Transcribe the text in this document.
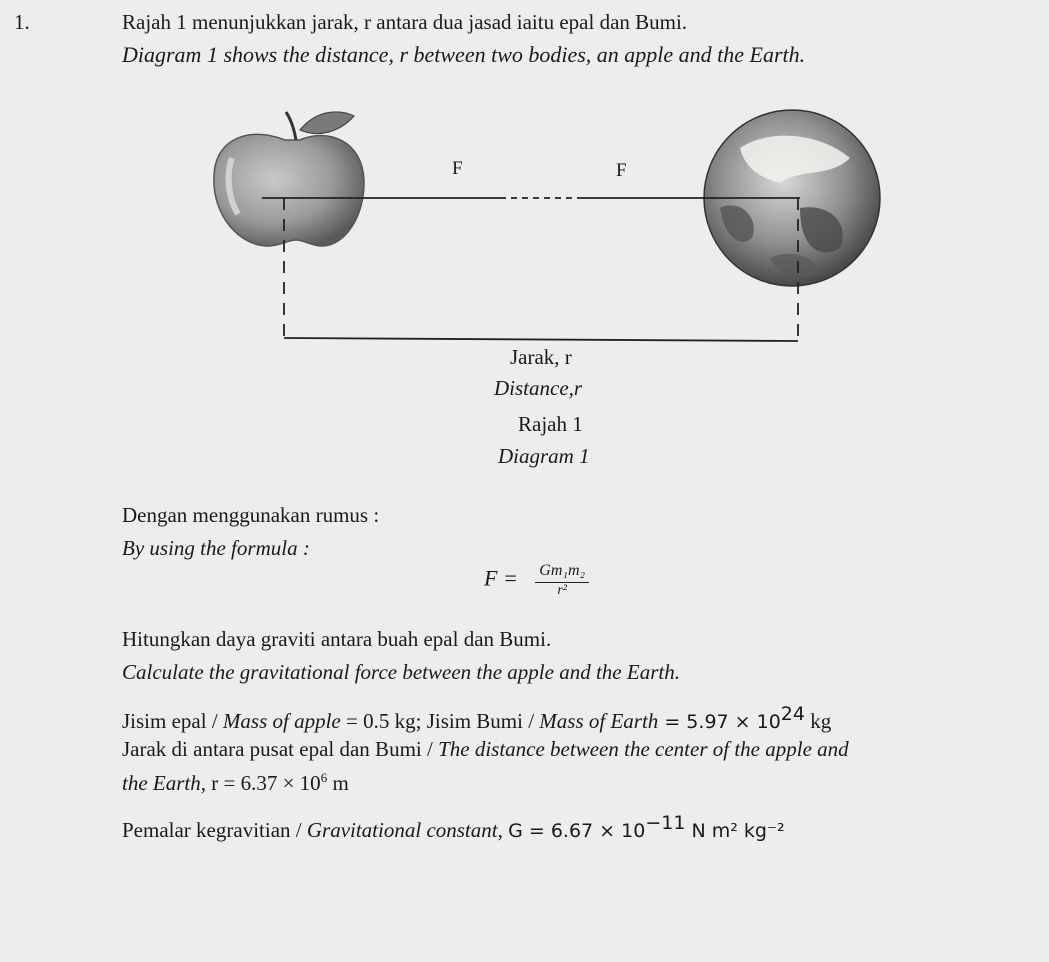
1.	Rajah 1 menunjukkan jarak, r antara dua jasad iaitu epal dan Bumi.
Diagram 1 shows the distance, r between two bodies, an apple and the Earth.
F	F
Jarak, r
Distance,r
Rajah 1
Diagram 1
Dengan menggunakan rumus :
By using the formula :
$F = \frac{\text{Gm₁m₂}}{\text{r²}}$
Hitungkan daya graviti antara buah epal dan Bumi.
Calculate the gravitational force between the apple and the Earth.
Jisim epal / Mass of apple = 0.5 kg; Jisim Bumi / Mass of Earth = $5.97 \times 10^{24}$ kg
Jarak di antara pusat epal dan Bumi / The distance between the center of the apple and
the Earth, $r = 6.37 \times 10^6$ m
Pemalar kegravitian / Gravitational constant, $G = 6.67 \times 10^{-11}$ N m² kg⁻²
